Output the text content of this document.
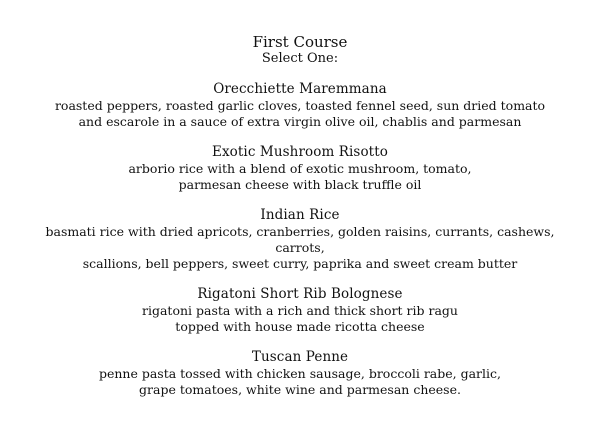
First Course
Select One:
Orecchiette Maremmana
roasted peppers, roasted garlic cloves, toasted fennel seed, sun dried tomato
and escarole in a sauce of extra virgin olive oil, chablis and parmesan
Exotic Mushroom Risotto
arborio rice with a blend of exotic mushroom, tomato,
parmesan cheese with black truffle oil
Indian Rice
basmati rice with dried apricots, cranberries, golden raisins, currants, cashews,
carrots,
scallions, bell peppers, sweet curry, paprika and sweet cream butter
Rigatoni Short Rib Bolognese
rigatoni pasta with a rich and thick short rib ragu
topped with house made ricotta cheese
Tuscan Penne
penne pasta tossed with chicken sausage, broccoli rabe, garlic,
grape tomatoes, white wine and parmesan cheese.
